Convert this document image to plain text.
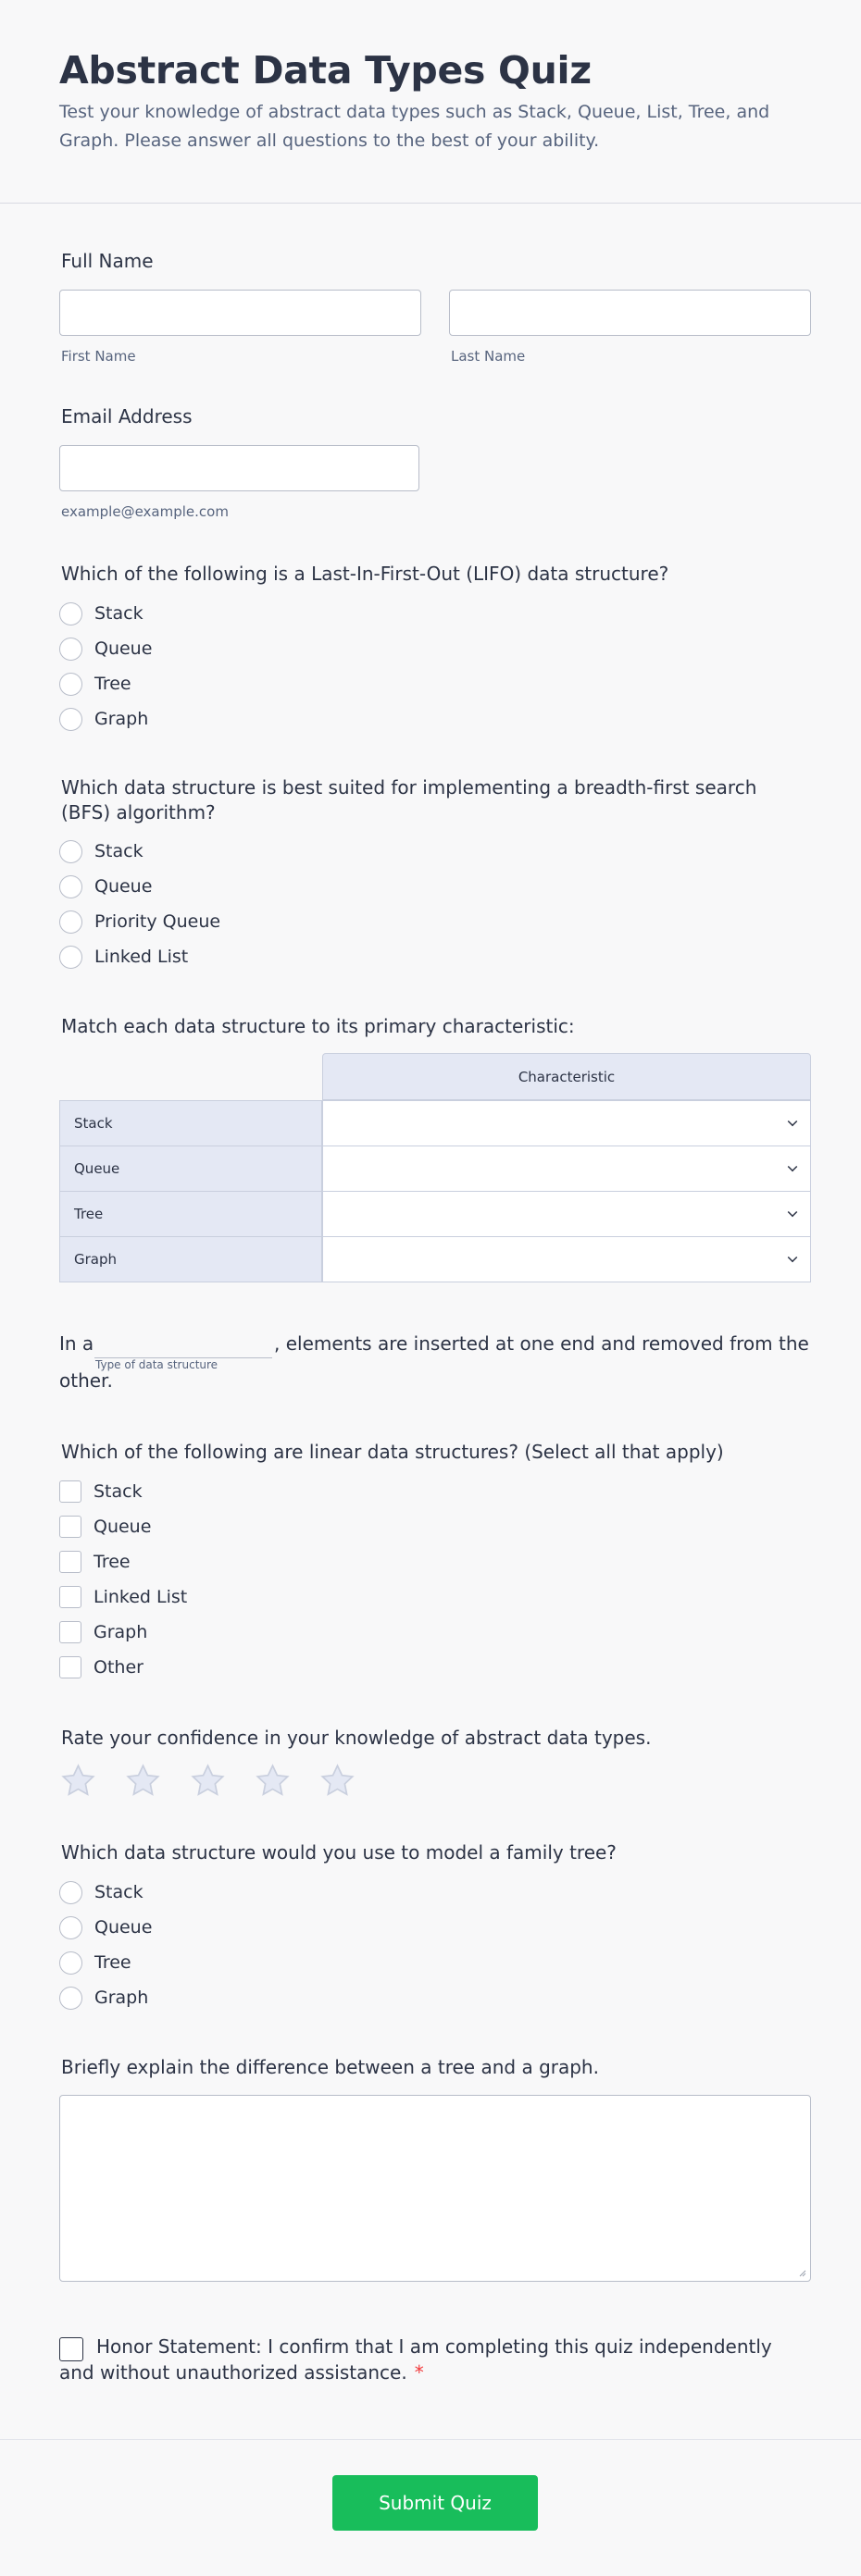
Abstract Data Types Quiz

Test your knowledge of abstract data types such as Stack, Queue, List, Tree, and Graph. Please answer all questions to the best of your ability.

Full Name
First Name	Last Name
Email Address
example@example.com
Which of the following is a Last-In-First-Out (LIFO) data structure?
Stack
Queue
Tree
Graph
Which data structure is best suited for implementing a breadth-first search (BFS) algorithm?
Stack
Queue
Priority Queue
Linked List
Match each data structure to its primary characteristic:
Characteristic
Stack
Queue
Tree
Graph
In a
Type of data structure
, elements are inserted at one end and removed from the
other.
Which of the following are linear data structures? (Select all that apply)
Stack
Queue
Tree
Linked List
Graph
Other
Rate your confidence in your knowledge of abstract data types.
Which data structure would you use to model a family tree?
Stack
Queue
Tree
Graph
Briefly explain the difference between a tree and a graph.
Honor Statement: I confirm that I am completing this quiz independently and without unauthorized assistance. *
Submit Quiz
